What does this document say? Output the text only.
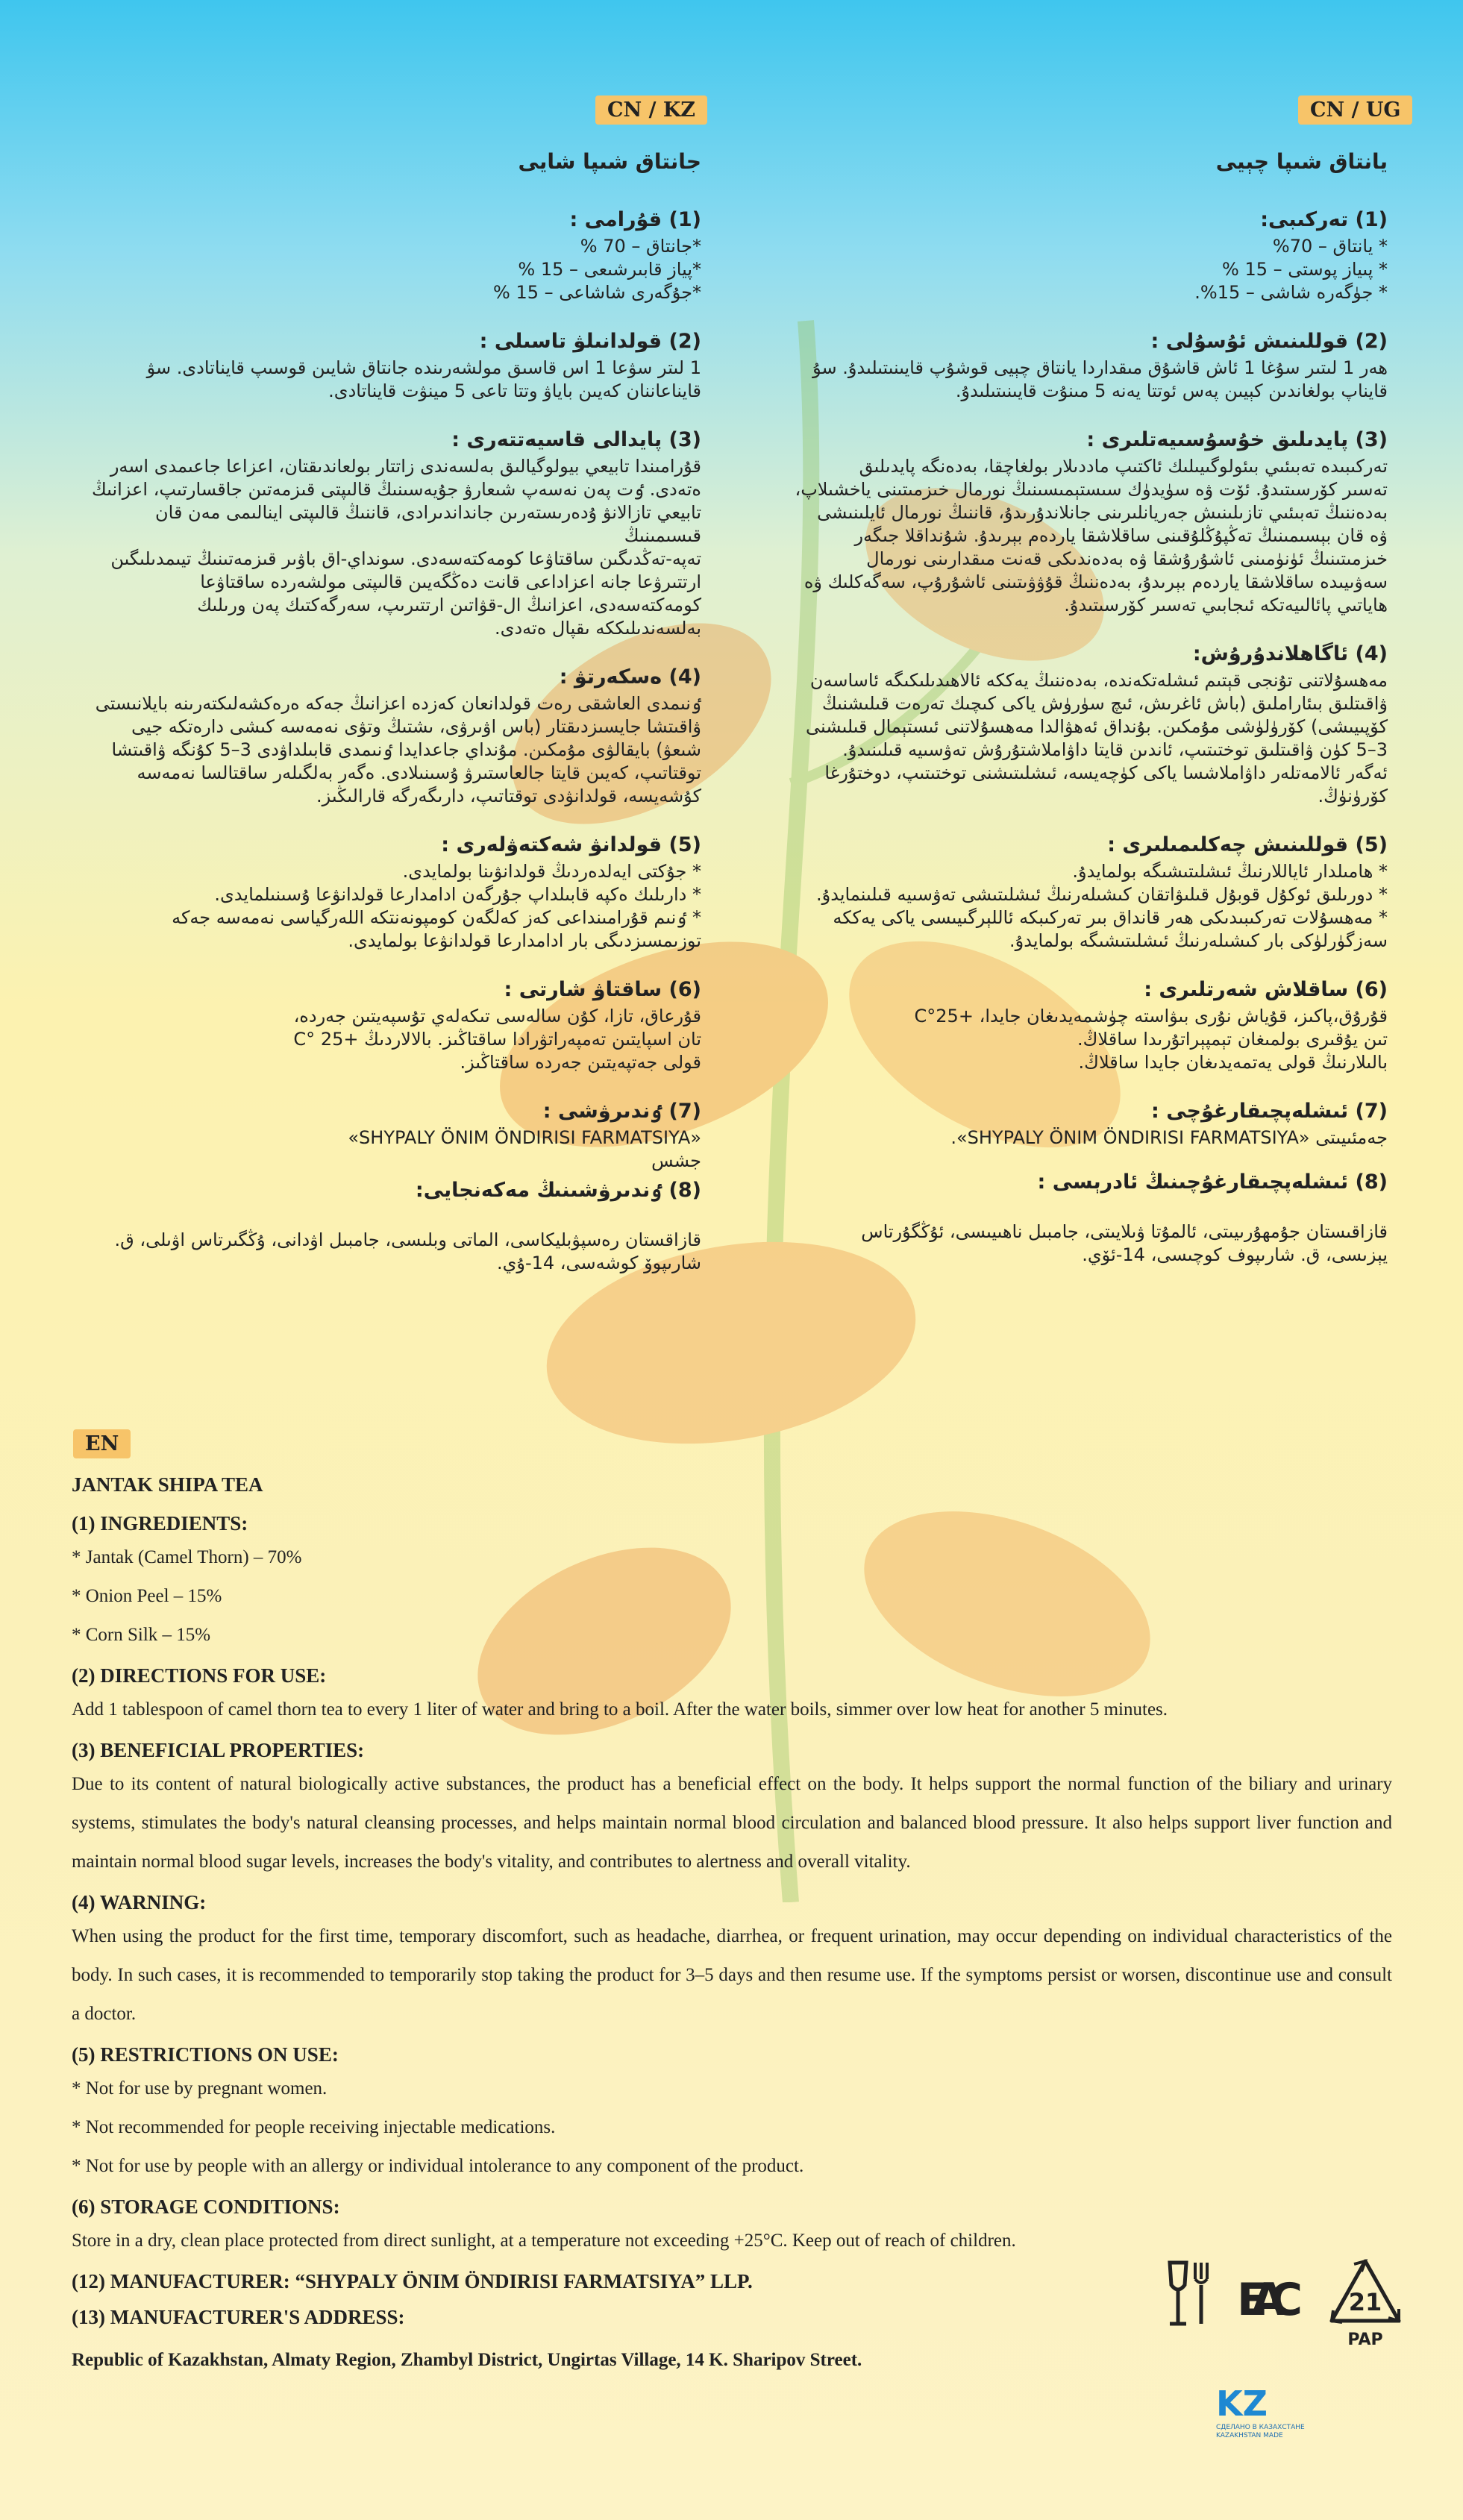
CN / KZ	CN / UG
EN
جانتاق شىپا شايى
(1) قۇرامى :
*جانتاق – 70 %
*پياز قابىرشىعى – 15 %
*جۇگەرى شاشاعى – 15 %
(2) قولدانىلۋ تاسىلى :
1 لىتر سۋعا 1 اس قاسىق مولشەرىندە جانتاق شايىن قوسىپ قايناتادى. سۋ
قايناعاننان كەيىن باياۋ وتتا تاعى 5 مينۋت قايناتادى.
(3) پايدالى قاسيەتتەرى :
قۇرامىندا تابيعي بيولوگيالىق بەلسەندى زاتتار بولعاندىقتان، اعزاعا جاعىمدى اسەر
ەتەدى. ٶت پەن نەسەپ شىعارۋ جۇيەسىنىڭ قالىپتى قىزمەتىن جاقسارتىپ، اعزانىڭ
تابيعي تازالانۋ ۇدەرىستەرىن جانداندىرادى، قاننىڭ قالىپتى اينالىمى مەن قان قىسىمىنىڭ
تەپە-تەڭدىگىن ساقتاۋعا كومەكتەسەدى. سونداي-اق باۋىر قىزمەتىنىڭ تيىمدىلىگىن
ارتتىرۋعا جانە اعزاداعى قانت دەڭگەيىن قالىپتى مولشەردە ساقتاۋعا
كومەكتەسەدى، اعزانىڭ ال-قۋاتىن ارتتىرىپ، سەرگەكتىك پەن ورىلىك
بەلسەندىلىككە ىقپال ەتەدى.
(4) ەسكەرتۋ :
ٶنىمدى العاشقى رەت قولدانعان كەزدە اعزانىڭ جەكە ەرەكشەلىكتەرىنە بايلانىستى
ۋاقىتشا جايسىزدىقتار (باس اۋىرۋى، ىشتىڭ وتۋى نەمەسە كىشى دارەتكە جيى
شىعۋ) بايقالۋى مۇمكىن. مۇنداي جاعدايدا ٶنىمدى قابىلداۋدى 3–5 كۇنگە ۋاقىتشا
توقتاتىپ، كەيىن قايتا جالعاستىرۋ ۇسىنىلادى. ەگەر بەلگىلەر ساقتالسا نەمەسە
كۇشەيسە، قولدانۋدى توقتاتىپ، دارىگەرگە قارالىڭىز.
(5) قولدانۋ شەكتەۋلەرى :
* جۇكتى ايەلدەردىڭ قولدانۋىنا بولمايدى.
* دارىلىك ەكپە قابىلداپ جۇرگەن ادامدارعا قولدانۋعا ۇسىنىلمايدى.
* ٶنىم قۇرامىنداعى كەز كەلگەن كومپونەنتكە اللەرگياسى نەمەسە جەكە
توزىمسىزدىگى بار ادامدارعا قولدانۋعا بولمايدى.
(6) ساقتاۋ شارتى :
قۇرعاق، تازا، كۇن سالەسى تىكەلەي تۇسپەيتىن جەردە،
تان اسپايتىن تەمپەراتۋرادا ساقتاڭىز. بالالاردىڭ +25 °C
قولى جەتپەيتىن جەردە ساقتاڭىز.
(7) ٶندىرۋشى :
«SHYPALY ÖNIM ÖNDIRISI FARMATSIYA»
جشس
(8) ٶندىرۋشىنىڭ مەكەنجايى:
قازاقستان رەسپۋبليكاسى، الماتى وبلىسى، جامبىل اۋدانى، ۇڭگىرتاس اۋىلى، ق.
شارىپوۆ كوشەسى، 14-ۇي.
يانتاق شىپا چېيى
(1) تەركىبى:
* يانتاق – 70%
* پىياز پوستى – 15 %
* جۈگەرە شاشى – 15%.
(2) قوللىنىش ئۇسۇلى :
ھەر 1 لىتىر سۇغا 1 ئاش قاشۇق مىقداردا يانتاق چېيى قوشۇپ قايىنىتىلىدۇ. سۇ
قايناپ بولغاندىن كېيىن پەس ئوتتا يەنە 5 مىنۇت قايىنىتىلىدۇ.
(3) پايدىلىق خۇسۇسىيەتلىرى :
تەركىبىدە تەبىئىي بىئولوگىيىلىك ئاكتىپ ماددىلار بولغاچقا، بەدەنگە پايدىلىق
تەسىر كۆرسىتىدۇ. ئۆت ۋە سۈيدۈك سىستېمىسىنىڭ نورمال خىزمىتىنى ياخشىلاپ،
بەدەننىڭ تەبىئىي تازىلىنىش جەريانلىرىنى جانلاندۇرىدۇ، قاننىڭ نورمال ئايلىنىشى
ۋە قان بېسىمىنىڭ تەڭپۇڭلۇقىنى ساقلاشقا ياردەم بېرىدۇ. شۇنداقلا جىگەر
خىزمىتىنىڭ ئۈنۈمىنى ئاشۇرۇشقا ۋە بەدەندىكى قەنت مىقدارىنى نورمال
سەۋىيىدە ساقلاشقا ياردەم بېرىدۇ، بەدەننىڭ قۇۋۋىتىنى ئاشۇرۇپ، سەگەكلىك ۋە
ھاياتىي پائالىيەتكە ئىجابىي تەسىر كۆرسىتىدۇ.
(4) ئاگاھلاندۇرۇش:
مەھسۇلاتنى تۇنجى قېتىم ئىشلەتكەندە، بەدەننىڭ يەككە ئالاھىدىلىكىگە ئاساسەن
ۋاقىتلىق بىئاراملىق (باش ئاغرىش، ئىچ سۈرۈش ياكى كىچىك تەرەت قىلىشنىڭ
كۆپىيىشى) كۆرۈلۈشى مۇمكىن. بۇنداق ئەھۋالدا مەھسۇلاتنى ئىستېمال قىلىشنى
3–5 كۈن ۋاقىتلىق توختىتىپ، ئاندىن قايتا داۋاملاشتۇرۇش تەۋسىيە قىلىنىدۇ.
ئەگەر ئالامەتلەر داۋاملاشسا ياكى كۈچەيسە، ئىشلىتىشنى توختىتىپ، دوختۇرغا
كۆرۈنۈڭ.
(5) قوللىنىش چەكلىمىلىرى :
* ھامىلدار ئاياللارنىڭ ئىشلىتىشىگە بولمايدۇ.
* دورىلىق ئوكۇل قوبۇل قىلىۋاتقان كىشىلەرنىڭ ئىشلىتىشى تەۋسىيە قىلىنمايدۇ.
* مەھسۇلات تەركىبىدىكى ھەر قانداق بىر تەركىبكە ئاللېرگىيىسى ياكى يەككە
سەزگۈرلۈكى بار كىشىلەرنىڭ ئىشلىتىشىگە بولمايدۇ.
(6) ساقلاش شەرتلىرى :
قۇرۇق،پاكىز، قۇياش نۇرى بىۋاستە چۈشمەيدىغان جايدا، +25°C
تىن يۇقىرى بولمىغان تېمپېراتۇرىدا ساقلاڭ.
بالىلارنىڭ قولى يەتمەيدىغان جايدا ساقلاڭ.
(7) ئىشلەپچىقارغۇچى :
جەمئىيىتى «SHYPALY ÖNIM ÖNDIRISI FARMATSIYA».
(8) ئىشلەپچىقارغۇچىنىڭ ئادرېسى :
قازاقىستان جۇمھۇرىيىتى، ئالمۇتا ۋىلايىتى، جامبىل ناھىيىسى، ئۇڭگۇرتاس
يېزىسى، ق. شارىپوف كوچىسى، 14-ئۆي.
JANTAK SHIPA TEA
(1) INGREDIENTS:
* Jantak (Camel Thorn) – 70%
* Onion Peel – 15%
* Corn Silk – 15%
(2) DIRECTIONS FOR USE:
Add 1 tablespoon of camel thorn tea to every 1 liter of water and bring to a boil. After the water boils, simmer over low heat for another 5 minutes.
(3) BENEFICIAL PROPERTIES:
Due to its content of natural biologically active substances, the product has a beneficial effect on the body. It helps support the normal function of the biliary and urinary systems, stimulates the body's natural cleansing processes, and helps maintain normal blood circulation and balanced blood pressure. It also helps support liver function and maintain normal blood sugar levels, increases the body's vitality, and contributes to alertness and overall vitality.
(4) WARNING:
When using the product for the first time, temporary discomfort, such as headache, diarrhea, or frequent urination, may occur depending on individual characteristics of the body. In such cases, it is recommended to temporarily stop taking the product for 3–5 days and then resume use. If the symptoms persist or worsen, discontinue use and consult a doctor.
(5) RESTRICTIONS ON USE:
* Not for use by pregnant women.
* Not recommended for people receiving injectable medications.
* Not for use by people with an allergy or individual intolerance to any component of the product.
(6) STORAGE CONDITIONS:
Store in a dry, clean place protected from direct sunlight, at a temperature not exceeding +25°C. Keep out of reach of children.
(12) MANUFACTURER: “SHYPALY ÖNIM ÖNDIRISI FARMATSIYA” LLP.
(13) MANUFACTURER'S ADDRESS:
Republic of Kazakhstan, Almaty Region, Zhambyl District, Ungirtas Village, 14 K. Sharipov Street.
EAC 21
PAP
KZ
СДЕЛАНО В КАЗАХСТАНЕ KAZAKHSTAN MADE
